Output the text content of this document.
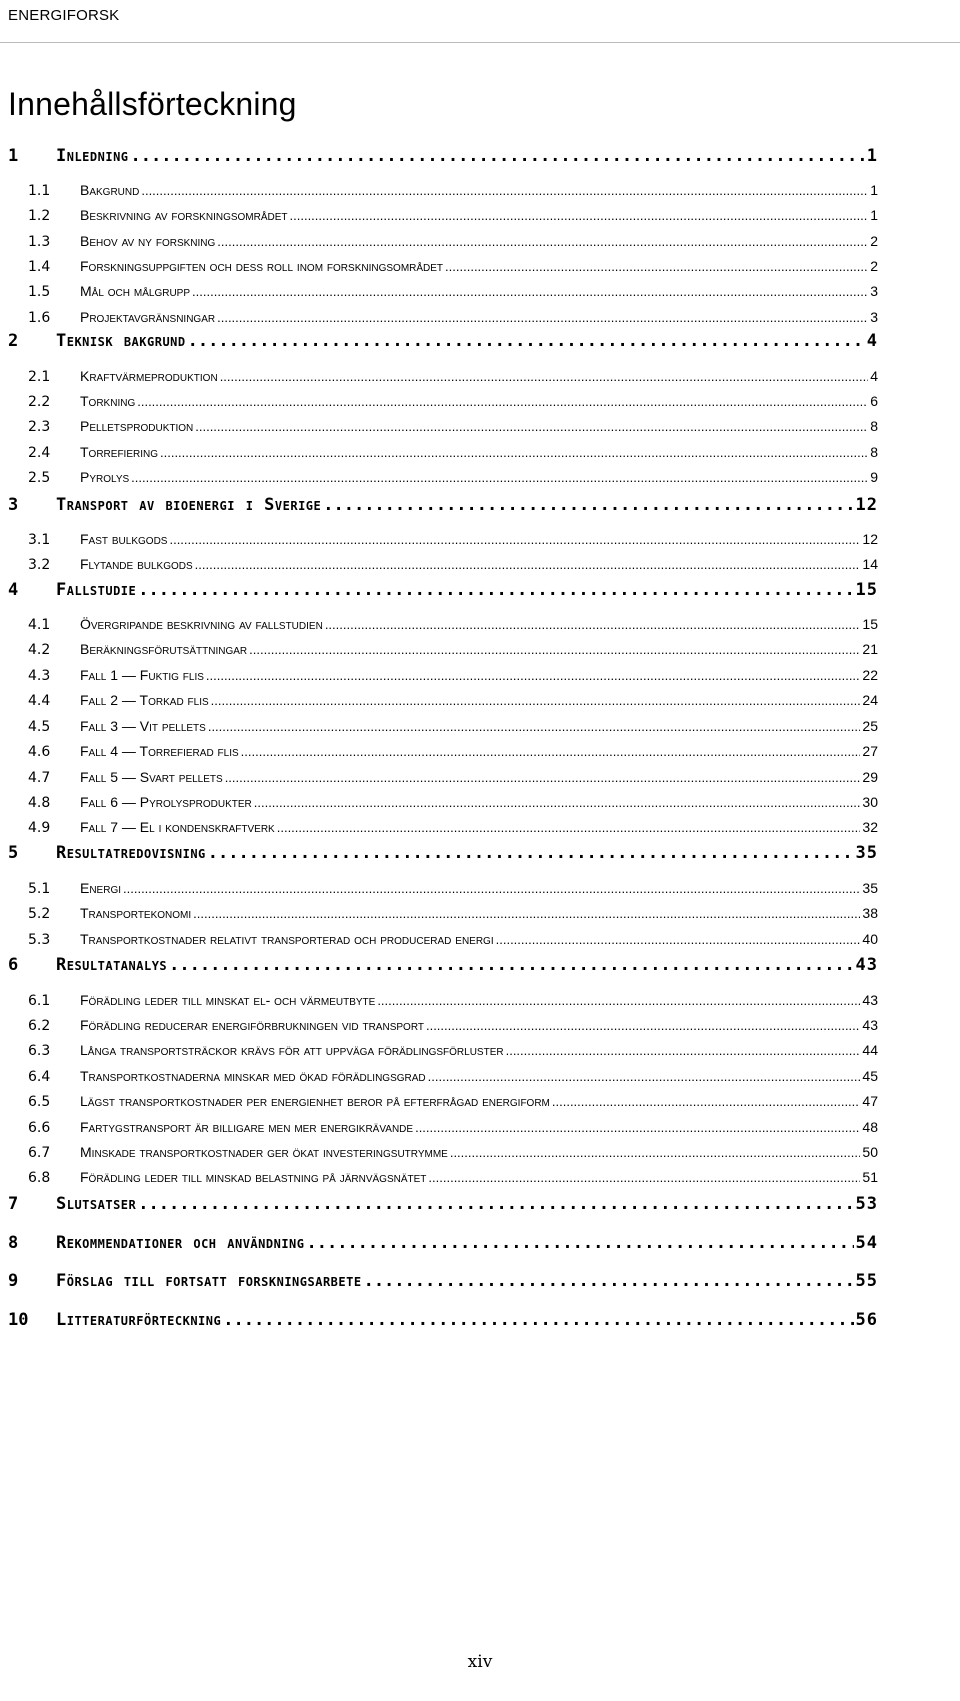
ENERGIFORSK
Innehållsförteckning
1	Inledning .....	1
1.1	Bakgrund .....	1
1.2	Beskrivning av forskningsområdet .....	1
1.3	Behov av ny forskning .....	2
1.4	Forskningsuppgiften och dess roll inom forskningsområdet .....	2
1.5	Mål och målgrupp .....	3
1.6	Projektavgränsningar .....	3
2	Teknisk bakgrund .....	4
2.1	Kraftvärmeproduktion .....	4
2.2	Torkning .....	6
2.3	Pelletsproduktion .....	8
2.4	Torrefiering .....	8
2.5	Pyrolys .....	9
3	Transport av bioenergi i Sverige .....	12
3.1	Fast bulkgods .....	12
3.2	Flytande bulkgods .....	14
4	Fallstudie .....	15
4.1	Övergripande beskrivning av fallstudien .....	15
4.2	Beräkningsförutsättningar .....	21
4.3	Fall 1 — Fuktig flis .....	22
4.4	Fall 2 — Torkad flis .....	24
4.5	Fall 3 — Vit pellets .....	25
4.6	Fall 4 — Torrefierad flis .....	27
4.7	Fall 5 — Svart pellets .....	29
4.8	Fall 6 — Pyrolysprodukter .....	30
4.9	Fall 7 — El i kondenskraftverk .....	32
5	Resultatredovisning .....	35
5.1	Energi .....	35
5.2	Transportekonomi .....	38
5.3	Transportkostnader relativt transporterad och producerad energi .....	40
6	Resultatanalys .....	43
6.1	Förädling leder till minskat el- och värmeutbyte .....	43
6.2	Förädling reducerar energiförbrukningen vid transport .....	43
6.3	Långa transportsträckor krävs för att uppväga förädlingsförluster .....	44
6.4	Transportkostnaderna minskar med ökad förädlingsgrad .....	45
6.5	Lägst transportkostnader per energienhet beror på efterfrågad energiform .....	47
6.6	Fartygstransport är billigare men mer energikrävande .....	48
6.7	Minskade transportkostnader ger ökat investeringsutrymme .....	50
6.8	Förädling leder till minskad belastning på järnvägsnätet .....	51
7	Slutsatser .....	53
8	Rekommendationer och användning .....	54
9	Förslag till fortsatt forskningsarbete .....	55
10	Litteraturförteckning .....	56
xiv
